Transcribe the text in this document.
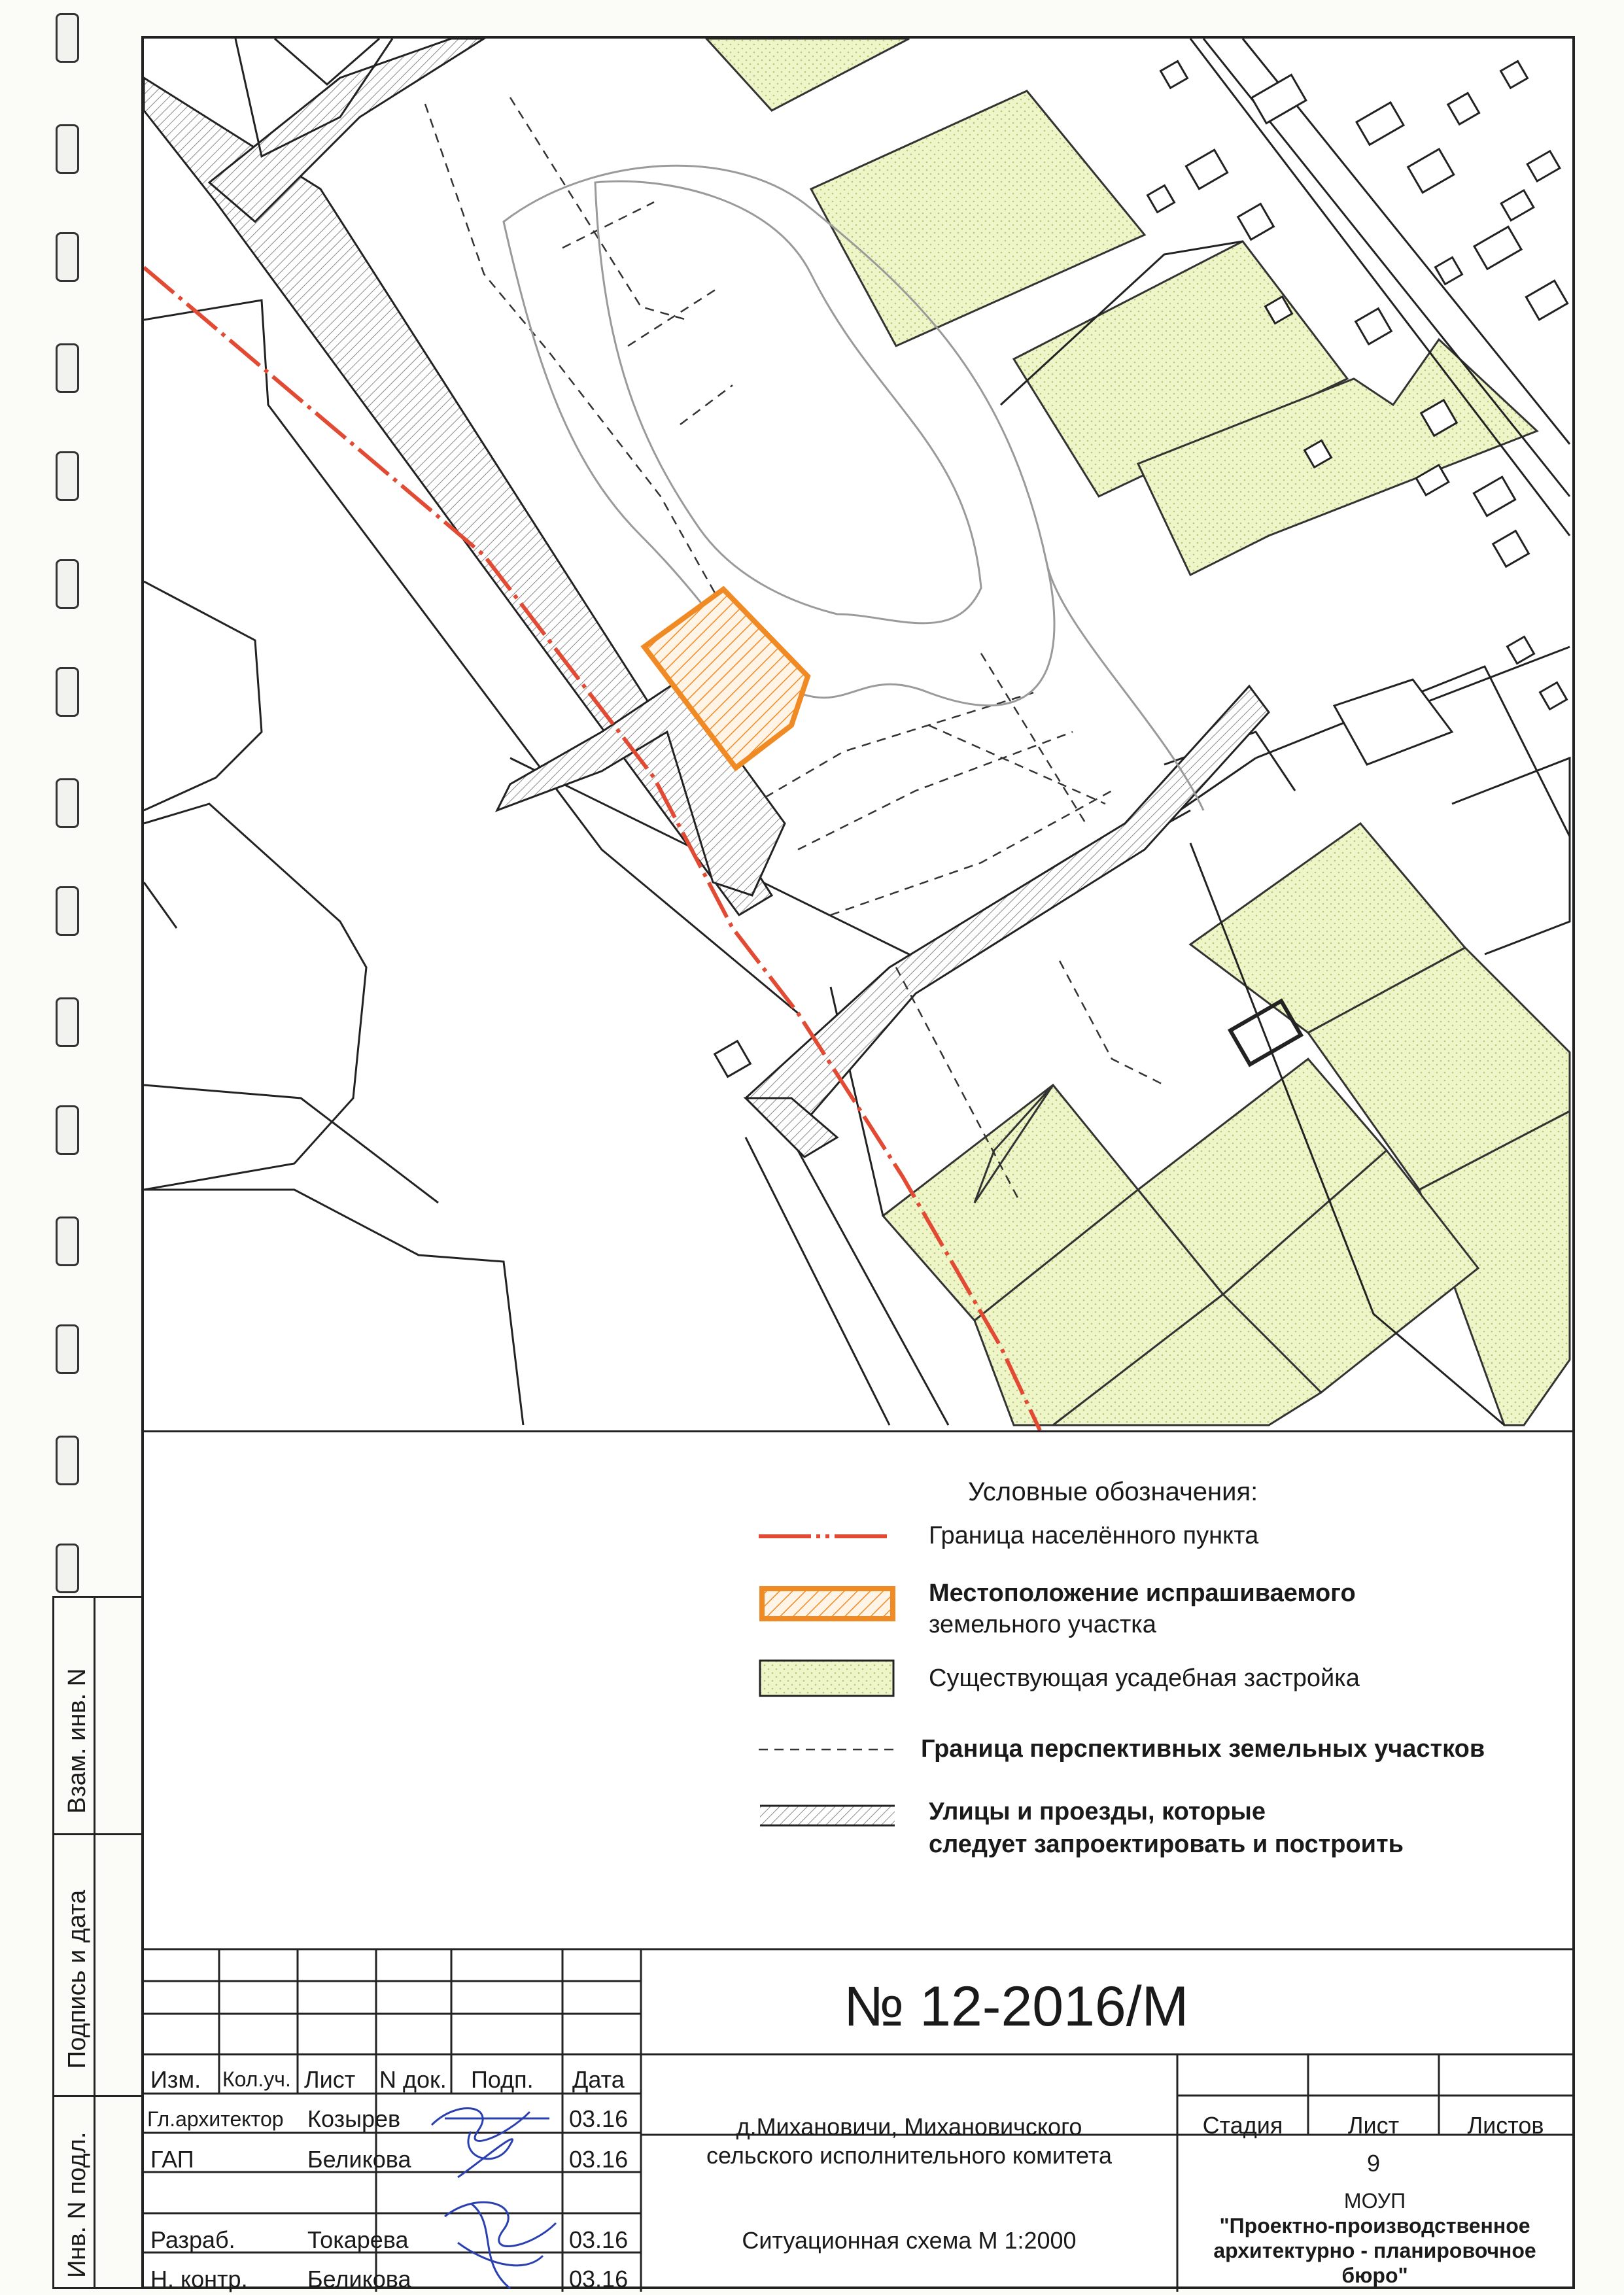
Взам. инв. N
Подпись и дата
Инв. N подл.
Условные обозначения:
Граница населённого пункта
Местоположение испрашиваемого
земельного участка
Существующая усадебная застройка
Граница перспективных земельных участков
Улицы и проезды, которые
следует запроектировать и построить
№ 12-2016/М
Изм. Кол.уч. Лист N док. Подп. Дата
Гл.архитектор Козырев	03.16
ГАП	Беликова	03.16
Разраб.	Токарева	03.16
Н. контр.	Беликова	03.16
д.Михановичи, Михановичского
сельского исполнительного комитета
Ситуационная схема М 1:2000
Стадия	Лист	Листов
9
МОУП
"Проектно-производственное
архитектурно - планировочное
бюро"
